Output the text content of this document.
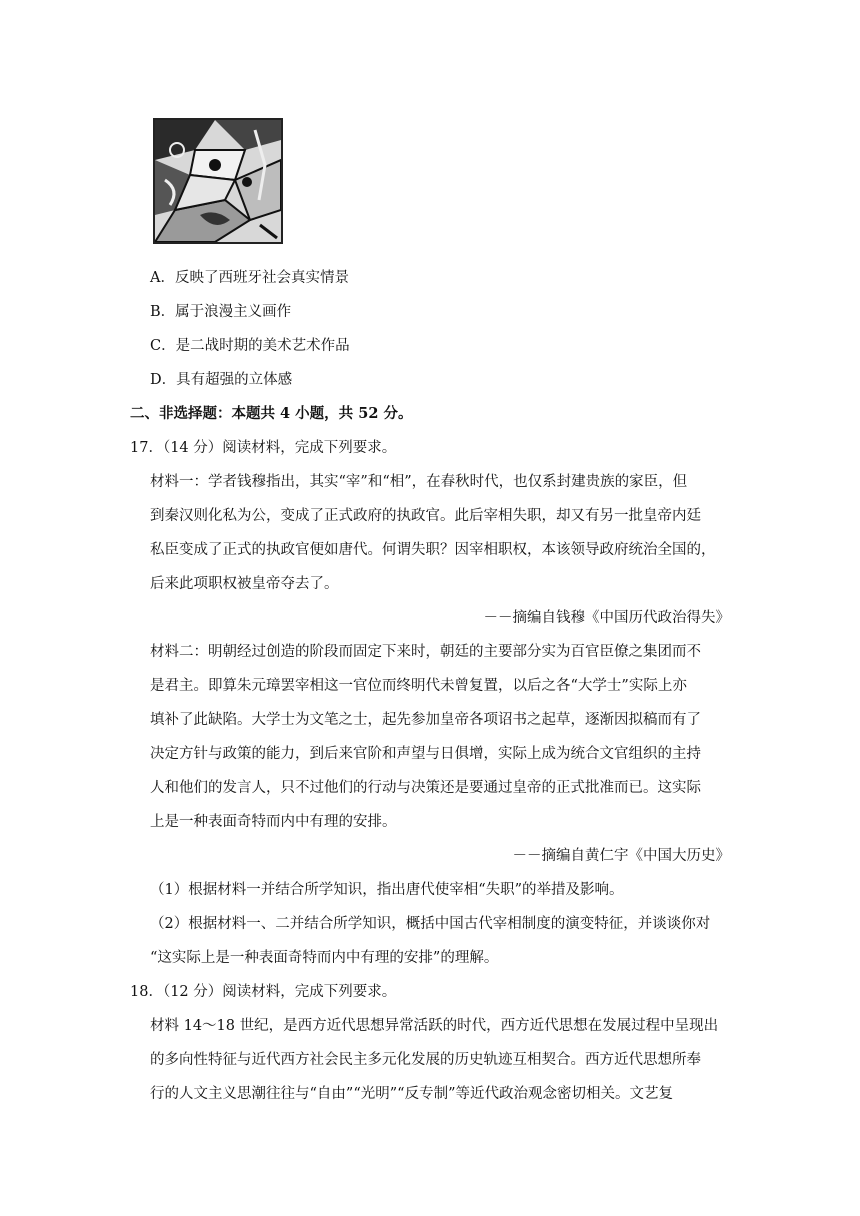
A．反映了西班牙社会真实情景
B．属于浪漫主义画作
C．是二战时期的美术艺术作品
D．具有超强的立体感
二、非选择题：本题共 4 小题，共 52 分。
17．（14 分）阅读材料，完成下列要求。
材料一：学者钱穆指出，其实“宰”和“相”，在春秋时代，也仅系封建贵族的家臣，但
到秦汉则化私为公，变成了正式政府的执政官。此后宰相失职，却又有另一批皇帝内廷
私臣变成了正式的执政官便如唐代。何谓失职？因宰相职权，本该领导政府统治全国的，
后来此项职权被皇帝夺去了。
－－摘编自钱穆《中国历代政治得失》
材料二：明朝经过创造的阶段而固定下来时，朝廷的主要部分实为百官臣僚之集团而不
是君主。即算朱元璋罢宰相这一官位而终明代未曾复置，以后之各“大学士”实际上亦
填补了此缺陷。大学士为文笔之士，起先参加皇帝各项诏书之起草，逐渐因拟稿而有了
决定方针与政策的能力，到后来官阶和声望与日俱增，实际上成为统合文官组织的主持
人和他们的发言人，只不过他们的行动与决策还是要通过皇帝的正式批准而已。这实际
上是一种表面奇特而内中有理的安排。
－－摘编自黄仁宇《中国大历史》
（1）根据材料一并结合所学知识，指出唐代使宰相“失职”的举措及影响。
（2）根据材料一、二并结合所学知识，概括中国古代宰相制度的演变特征，并谈谈你对
“这实际上是一种表面奇特而内中有理的安排”的理解。
18．（12 分）阅读材料，完成下列要求。
材料 14～18 世纪，是西方近代思想异常活跃的时代，西方近代思想在发展过程中呈现出
的多向性特征与近代西方社会民主多元化发展的历史轨迹互相契合。西方近代思想所奉
行的人文主义思潮往往与“自由”“光明”“反专制”等近代政治观念密切相关。文艺复
